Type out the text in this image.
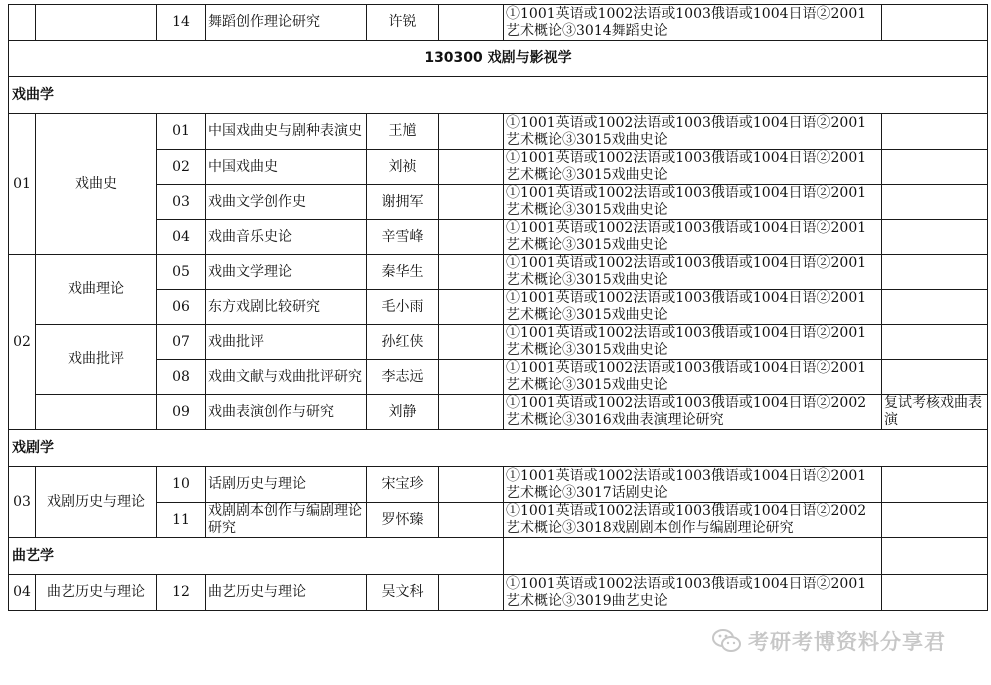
		14	舞蹈创作理论研究	许锐		①1001英语或1002法语或1003俄语或1004日语②2001艺术概论③3014舞蹈史论	
130300 戏剧与影视学							
戏曲学							
01	戏曲史	01	中国戏曲史与剧种表演史	王馗		①1001英语或1002法语或1003俄语或1004日语②2001艺术概论③3015戏曲史论	
		02	中国戏曲史	刘祯		①1001英语或1002法语或1003俄语或1004日语②2001艺术概论③3015戏曲史论	
		03	戏曲文学创作史	谢拥军		①1001英语或1002法语或1003俄语或1004日语②2001艺术概论③3015戏曲史论	
		04	戏曲音乐史论	辛雪峰		①1001英语或1002法语或1003俄语或1004日语②2001艺术概论③3015戏曲史论	
02	戏曲理论	05	戏曲文学理论	秦华生		①1001英语或1002法语或1003俄语或1004日语②2001艺术概论③3015戏曲史论	
		06	东方戏剧比较研究	毛小雨		①1001英语或1002法语或1003俄语或1004日语②2001艺术概论③3015戏曲史论	
	戏曲批评	07	戏曲批评	孙红侠		①1001英语或1002法语或1003俄语或1004日语②2001艺术概论③3015戏曲史论	
		08	戏曲文献与戏曲批评研究	李志远		①1001英语或1002法语或1003俄语或1004日语②2001艺术概论③3015戏曲史论	
		09	戏曲表演创作与研究	刘静		①1001英语或1002法语或1003俄语或1004日语②2002艺术概论③3016戏曲表演理论研究	复试考核戏曲表演
戏剧学							
03	戏剧历史与理论	10	话剧历史与理论	宋宝珍		①1001英语或1002法语或1003俄语或1004日语②2001艺术概论③3017话剧史论	
		11	戏剧剧本创作与编剧理论研究	罗怀臻		①1001英语或1002法语或1003俄语或1004日语②2002艺术概论③3018戏剧剧本创作与编剧理论研究	
曲艺学							
04	曲艺历史与理论	12	曲艺历史与理论	吴文科		①1001英语或1002法语或1003俄语或1004日语②2001艺术概论③3019曲艺史论	
考研考博资料分享君
